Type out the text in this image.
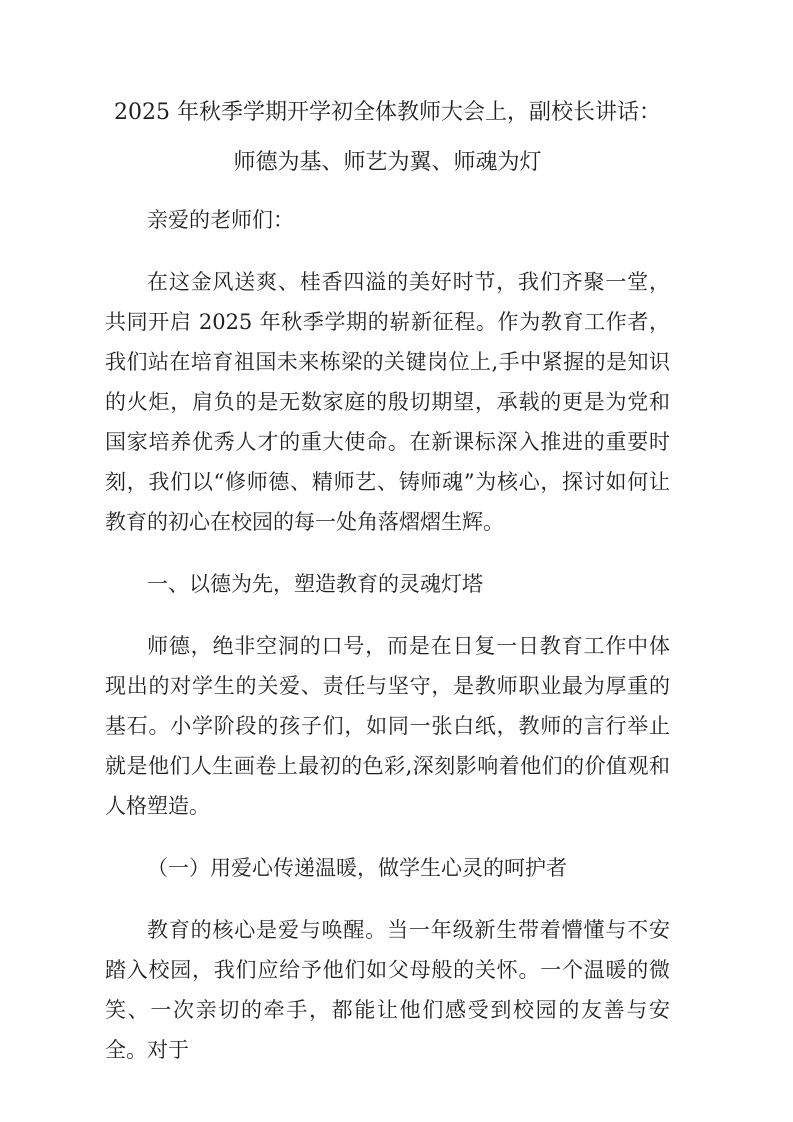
2025 年秋季学期开学初全体教师大会上，副校长讲话：师德为基、师艺为翼、师魂为灯

亲爱的老师们：

在这金风送爽、桂香四溢的美好时节，我们齐聚一堂，共同开启 2025 年秋季学期的崭新征程。作为教育工作者，我们站在培育祖国未来栋梁的关键岗位上,手中紧握的是知识的火炬，肩负的是无数家庭的殷切期望，承载的更是为党和国家培养优秀人才的重大使命。在新课标深入推进的重要时刻，我们以“修师德、精师艺、铸师魂”为核心，探讨如何让教育的初心在校园的每一处角落熠熠生辉。

一、以德为先，塑造教育的灵魂灯塔

师德，绝非空洞的口号，而是在日复一日教育工作中体现出的对学生的关爱、责任与坚守，是教师职业最为厚重的基石。小学阶段的孩子们，如同一张白纸，教师的言行举止就是他们人生画卷上最初的色彩,深刻影响着他们的价值观和人格塑造。

（一）用爱心传递温暖，做学生心灵的呵护者

教育的核心是爱与唤醒。当一年级新生带着懵懂与不安踏入校园，我们应给予他们如父母般的关怀。一个温暖的微笑、一次亲切的牵手，都能让他们感受到校园的友善与安全。对于
